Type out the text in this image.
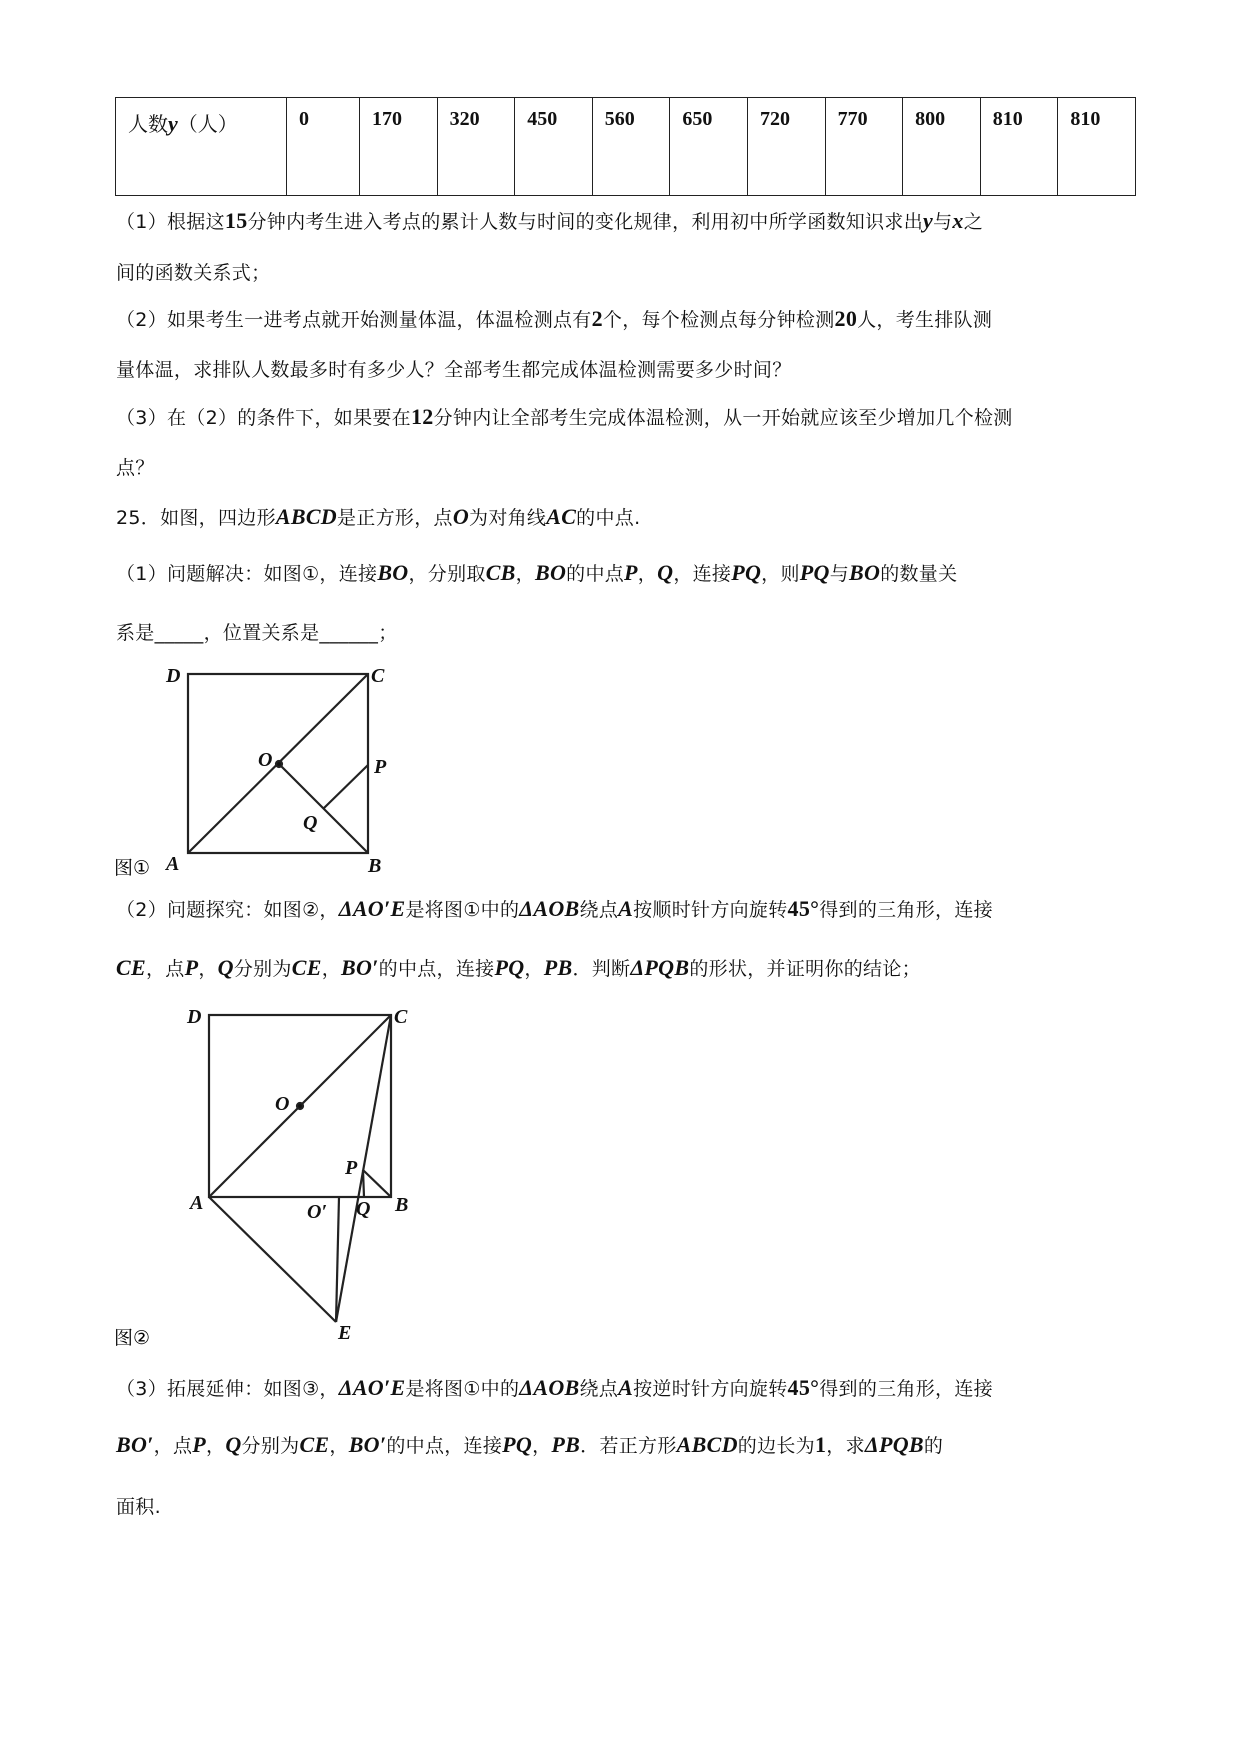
人数y（人）	0	170	320	450	560	650	720	770	800	810	810
（1）根据这15分钟内考生进入考点的累计人数与时间的变化规律，利用初中所学函数知识求出y与x之
间的函数关系式；
（2）如果考生一进考点就开始测量体温，体温检测点有2个，每个检测点每分钟检测20人，考生排队测
量体温，求排队人数最多时有多少人？全部考生都完成体温检测需要多少时间？
（3）在（2）的条件下，如果要在12分钟内让全部考生完成体温检测，从一开始就应该至少增加几个检测
点？
25．如图，四边形ABCD是正方形，点O为对角线AC的中点.
（1）问题解决：如图①，连接BO，分别取CB，BO的中点P，Q，连接PQ，则PQ与BO的数量关
系是_____，位置关系是______；
D	C
A	B
O	P
Q
图①
D	C
A	B
O
O′
E
P
Q
图②
（2）问题探究：如图②，ΔAO′E是将图①中的ΔAOB绕点A按顺时针方向旋转45°得到的三角形，连接
CE，点P，Q分别为CE，BO′的中点，连接PQ，PB．判断ΔPQB的形状，并证明你的结论；
（3）拓展延伸：如图③，ΔAO′E是将图①中的ΔAOB绕点A按逆时针方向旋转45°得到的三角形，连接
BO′，点P，Q分别为CE，BO′的中点，连接PQ，PB．若正方形ABCD的边长为1，求ΔPQB的
面积.
